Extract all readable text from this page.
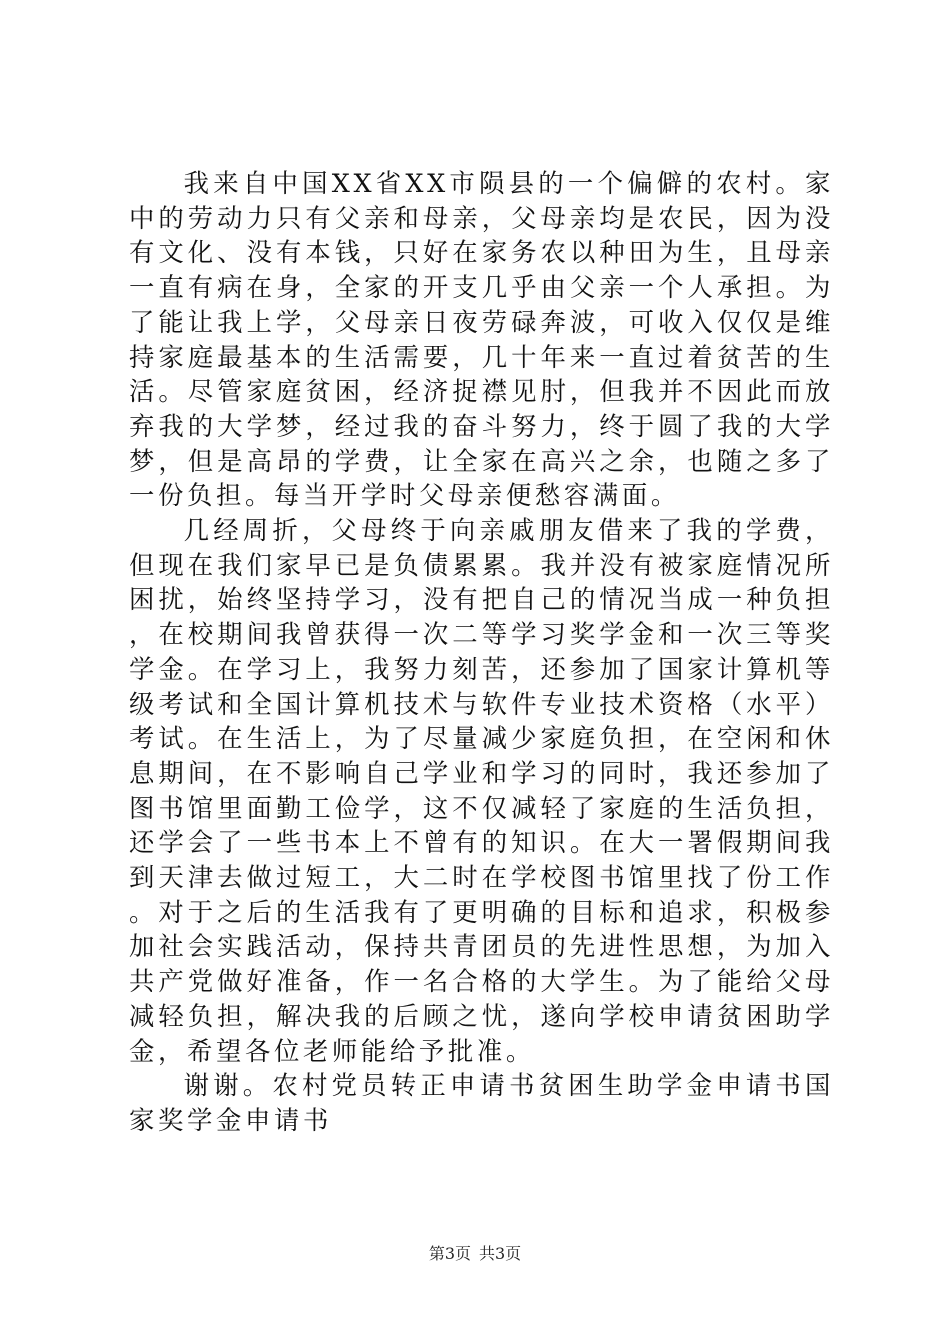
我来自中国XX省XX市陨县的一个偏僻的农村。家中的劳动力只有父亲和母亲，父母亲均是农民，因为没有文化、没有本钱，只好在家务农以种田为生，且母亲一直有病在身，全家的开支几乎由父亲一个人承担。为了能让我上学，父母亲日夜劳碌奔波，可收入仅仅是维持家庭最基本的生活需要，几十年来一直过着贫苦的生活。尽管家庭贫困，经济捉襟见肘，但我并不因此而放弃我的大学梦，经过我的奋斗努力，终于圆了我的大学梦，但是高昂的学费，让全家在高兴之余，也随之多了一份负担。每当开学时父母亲便愁容满面。

几经周折，父母终于向亲戚朋友借来了我的学费，但现在我们家早已是负债累累。我并没有被家庭情况所困扰，始终坚持学习，没有把自己的情况当成一种负担，在校期间我曾获得一次二等学习奖学金和一次三等奖学金。在学习上，我努力刻苦，还参加了国家计算机等级考试和全国计算机技术与软件专业技术资格（水平）考试。在生活上，为了尽量减少家庭负担，在空闲和休息期间，在不影响自己学业和学习的同时，我还参加了图书馆里面勤工俭学，这不仅减轻了家庭的生活负担，还学会了一些书本上不曾有的知识。在大一署假期间我到天津去做过短工，大二时在学校图书馆里找了份工作。对于之后的生活我有了更明确的目标和追求，积极参加社会实践活动，保持共青团员的先进性思想，为加入共产党做好准备，作一名合格的大学生。为了能给父母减轻负担，解决我的后顾之忧，遂向学校申请贫困助学金，希望各位老师能给予批准。

谢谢。农村党员转正申请书贫困生助学金申请书国家奖学金申请书

第3页 共3页
